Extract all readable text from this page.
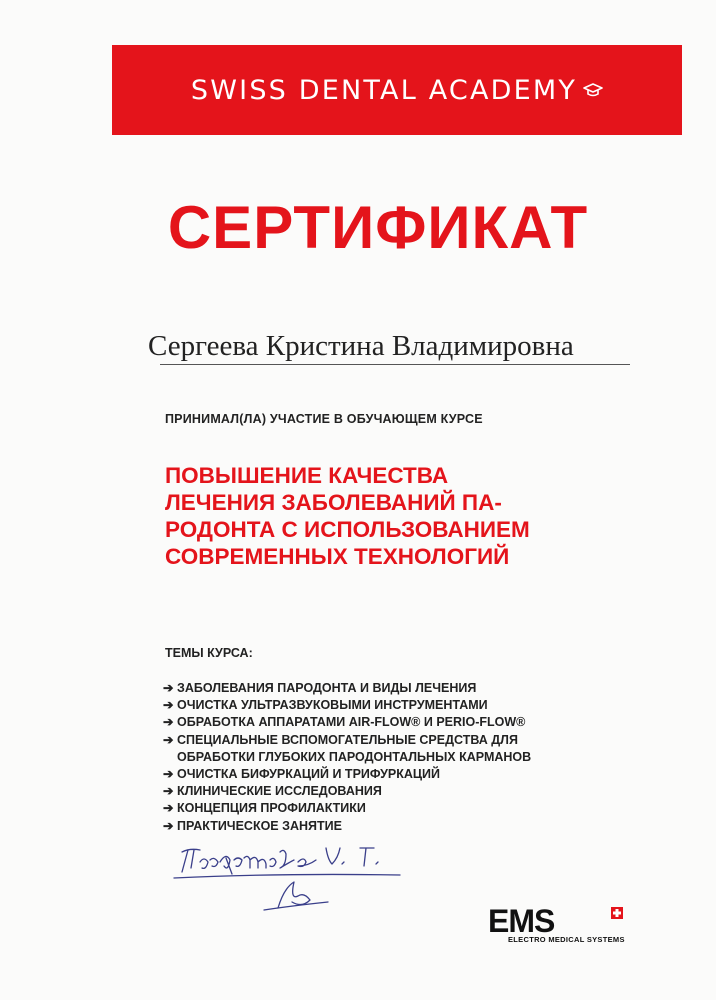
SWISS DENTAL ACADEMY
СЕРТИФИКАТ
Сергеева Кристина Владимировна
ПРИНИМАЛ(ЛА) УЧАСТИЕ В ОБУЧАЮЩЕМ КУРСЕ
ПОВЫШЕНИЕ КАЧЕСТВА
ЛЕЧЕНИЯ ЗАБОЛЕВАНИЙ ПА-
РОДОНТА С ИСПОЛЬЗОВАНИЕМ
СОВРЕМЕННЫХ ТЕХНОЛОГИЙ
ТЕМЫ КУРСА:
➔ ЗАБОЛЕВАНИЯ ПАРОДОНТА И ВИДЫ ЛЕЧЕНИЯ
➔ ОЧИСТКА УЛЬТРАЗВУКОВЫМИ ИНСТРУМЕНТАМИ
➔ ОБРАБОТКА АППАРАТАМИ AIR-FLOW® И PERIO-FLOW®
➔ СПЕЦИАЛЬНЫЕ ВСПОМОГАТЕЛЬНЫЕ СРЕДСТВА ДЛЯ
ОБРАБОТКИ ГЛУБОКИХ ПАРОДОНТАЛЬНЫХ КАРМАНОВ
➔ ОЧИСТКА БИФУРКАЦИЙ И ТРИФУРКАЦИЙ
➔ КЛИНИЧЕСКИЕ ИССЛЕДОВАНИЯ
➔ КОНЦЕПЦИЯ ПРОФИЛАКТИКИ
➔ ПРАКТИЧЕСКОЕ ЗАНЯТИЕ
EMS
ELECTRO MEDICAL SYSTEMS
